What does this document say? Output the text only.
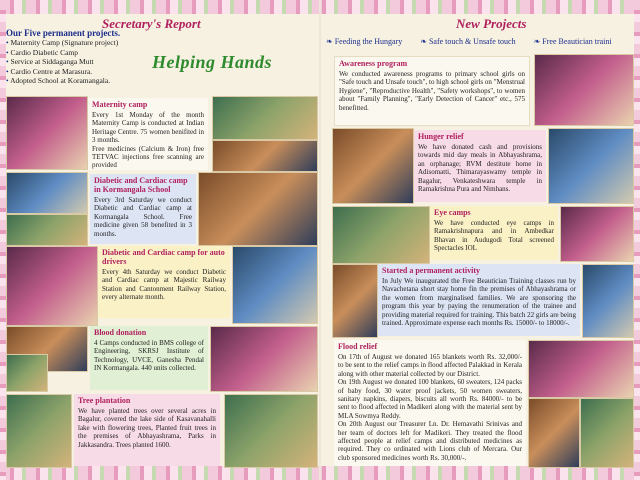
Secretary's Report
Our Five permanent projects.
• Maternity Camp (Signature project)
• Cardio Diabetic Camp
• Service at Siddaganga Mutt
• Cardio Centre at Marasura.
• Adopted School at Koramangala.
Helping Hands
Maternity camp

Every 1st Monday of the month Maternity Camp is conducted at Indian Heritage Centre. 75 women benifited in 3 months.
Free medicines (Calcium & Iron) free TETVAC injections free scanning are provided

Diabetic and Cardiac camp in Kormangala School

Every 3rd Saturday we conduct Diabetic and Cardiac camp at Kormangala School. Free medicine given 58 benefited in 3 months.

Diabetic and Cardiac camp for auto drivers

Every 4th Saturday we conduct Diabetic and Cardiac camp at Majestic Railway Station and Cantonment Railway Station, every alternate month.

Blood donation

4 Camps conducted in BMS college of Engineering, SKRSJ Institute of Technology, UVCE, Ganesha Pendal IN Kormangala. 440 units collected.

Tree plantation

We have planted trees over several acres in Bagalur, covered the lake side of Kasavanahalli lake with flowering trees, Planted fruit trees in the premises of Abhayashrama, Parks in Jakkasandra. Trees planted 1600.

New Projects
❧ Feeding the Hungary ❧ Safe touch & Unsafe touch ❧ Free Beautician traini
Awareness program

We conducted awareness programs to primary school girls on "Safe touch and Unsafe touch", to high school girls on "Menstrual Hygiene", "Reproductive Health", "Safety workshops", to women about "Family Planning", "Early Detection of Cancer" etc., 575 benefitted.

Hunger relief

We have donated cash and provisions towards mid day meals in Abhayashrama, an orphanage; RVM destitute home in Adisomatti, Thimarayaswamy temple in Bagalur, Venkateshwara temple in Ramakrishna Pura and Nimhans.

Eye camps

We have conducted eye camps in Ramakrishnapura and in Ambedkar Bhavan in Audugodi Total screened Spectacles IOL

Started a permanent activity

In July We inaugurated the Free Beautician Training classes run by Navachetana short stay home fin the premises of Abhayashrama or the women from marginalised families. We are sponsoring the program this year by paying the renumeration of the trainee and providing material required for training. This batch 22 girls are being trained. Approximate expense each months Rs. 15000/- to 18000/-.

Flood relief

On 17th of August we donated 165 blankets worth Rs. 32,000/- to be sent to the relief camps in flood affected Palakkad in Kerala along with other material collected by our District.
On 19th August we donated 100 blankets, 60 sweaters, 124 packs of baby food, 30 water proof jackets, 50 women sweaters, sanitary napkins, diapers, biscuits all worth Rs. 84000/- to be sent to flood affected in Madikeri along with the material sent by MLA Sowmya Reddy.
On 20th August our Treasurer Ln. Dr. Hemavathi Srinivas and her team of doctors left for Madikeri. They treated the flood affected people at relief camps and distributed medicines as required. They co ordinated with Lions club of Mercara. Our club sponsored medicines worth Rs. 30,000/-.
